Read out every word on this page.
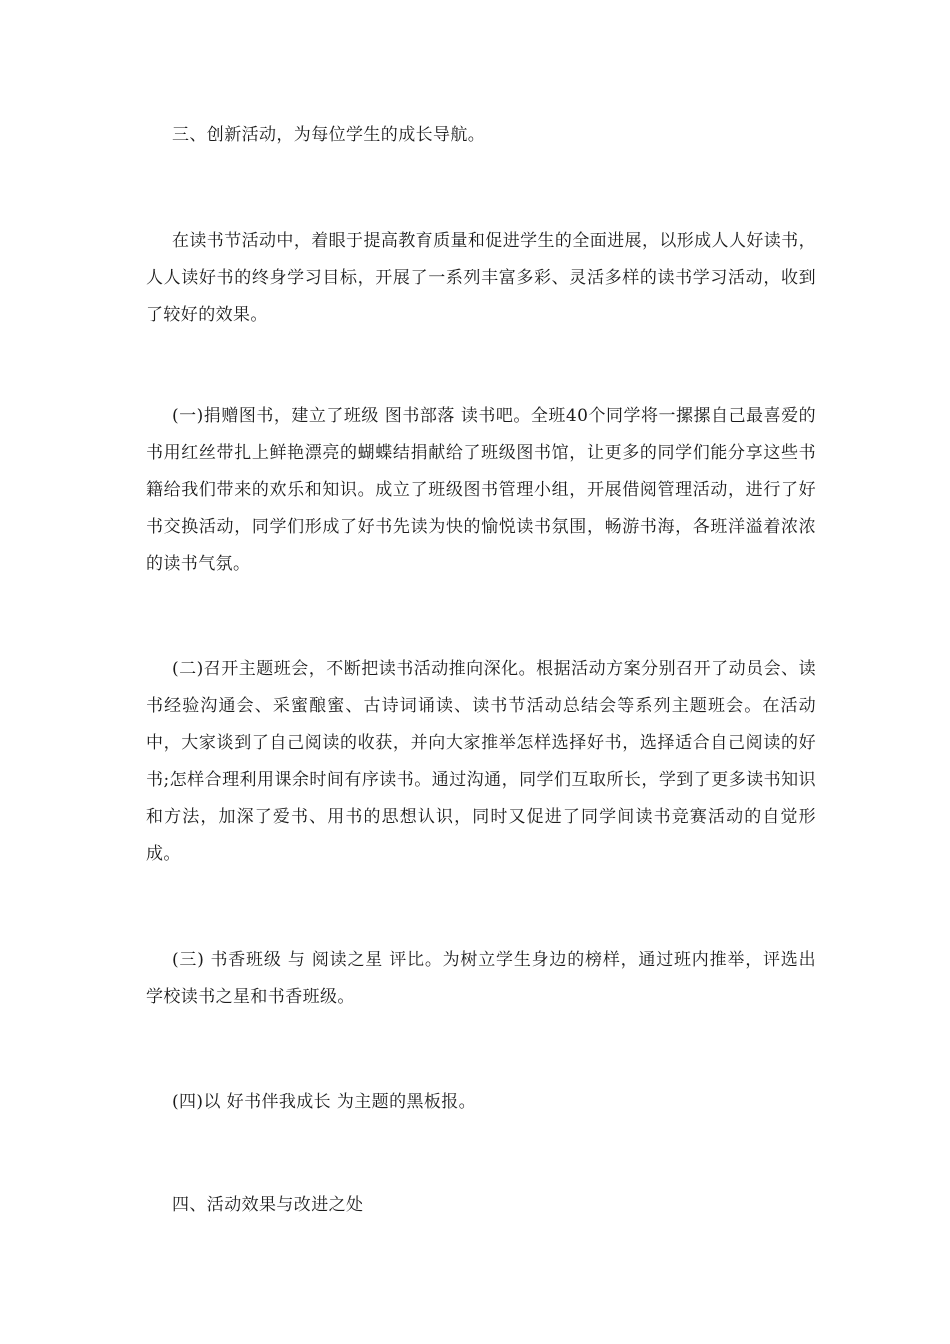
三、创新活动，为每位学生的成长导航。

在读书节活动中，着眼于提高教育质量和促进学生的全面进展，以形成人人好读书，人人读好书的终身学习目标，开展了一系列丰富多彩、灵活多样的读书学习活动，收到了较好的效果。

(一)捐赠图书，建立了班级 图书部落 读书吧。全班40个同学将一摞摞自己最喜爱的书用红丝带扎上鲜艳漂亮的蝴蝶结捐献给了班级图书馆，让更多的同学们能分享这些书籍给我们带来的欢乐和知识。成立了班级图书管理小组，开展借阅管理活动，进行了好书交换活动，同学们形成了好书先读为快的愉悦读书氛围，畅游书海，各班洋溢着浓浓的读书气氛。

(二)召开主题班会，不断把读书活动推向深化。根据活动方案分别召开了动员会、读书经验沟通会、采蜜酿蜜、古诗词诵读、读书节活动总结会等系列主题班会。在活动中，大家谈到了自己阅读的收获，并向大家推举怎样选择好书，选择适合自己阅读的好书;怎样合理利用课余时间有序读书。通过沟通，同学们互取所长，学到了更多读书知识和方法，加深了爱书、用书的思想认识，同时又促进了同学间读书竞赛活动的自觉形成。

(三) 书香班级 与 阅读之星 评比。为树立学生身边的榜样，通过班内推举，评选出学校读书之星和书香班级。

(四)以 好书伴我成长 为主题的黑板报。

四、活动效果与改进之处
